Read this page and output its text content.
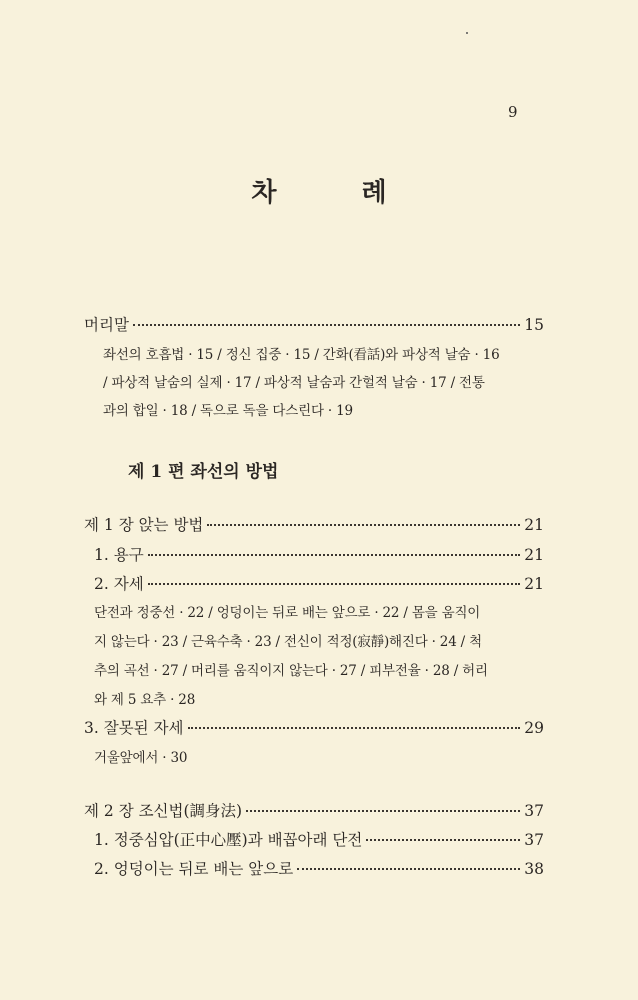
9
차 례
머리말	15
좌선의 호흡법 · 15 / 정신 집중 · 15 / 간화(看話)와 파상적 날숨 · 16
/ 파상적 날숨의 실제 · 17 / 파상적 날숨과 간헐적 날숨 · 17 / 전통
과의 합일 · 18 / 독으로 독을 다스린다 · 19
제 1 편 좌선의 방법
제 1 장 앉는 방법	21
1. 용구	21
2. 자세	21
단전과 정중선 · 22 / 엉덩이는 뒤로 배는 앞으로 · 22 / 몸을 움직이
지 않는다 · 23 / 근육수축 · 23 / 전신이 적정(寂靜)해진다 · 24 / 척
추의 곡선 · 27 / 머리를 움직이지 않는다 · 27 / 피부전율 · 28 / 허리
와 제 5 요추 · 28
3. 잘못된 자세	29
거울앞에서 · 30
제 2 장 조신법(調身法)	37
1. 정중심압(正中心壓)과 배꼽아래 단전	37
2. 엉덩이는 뒤로 배는 앞으로	38
